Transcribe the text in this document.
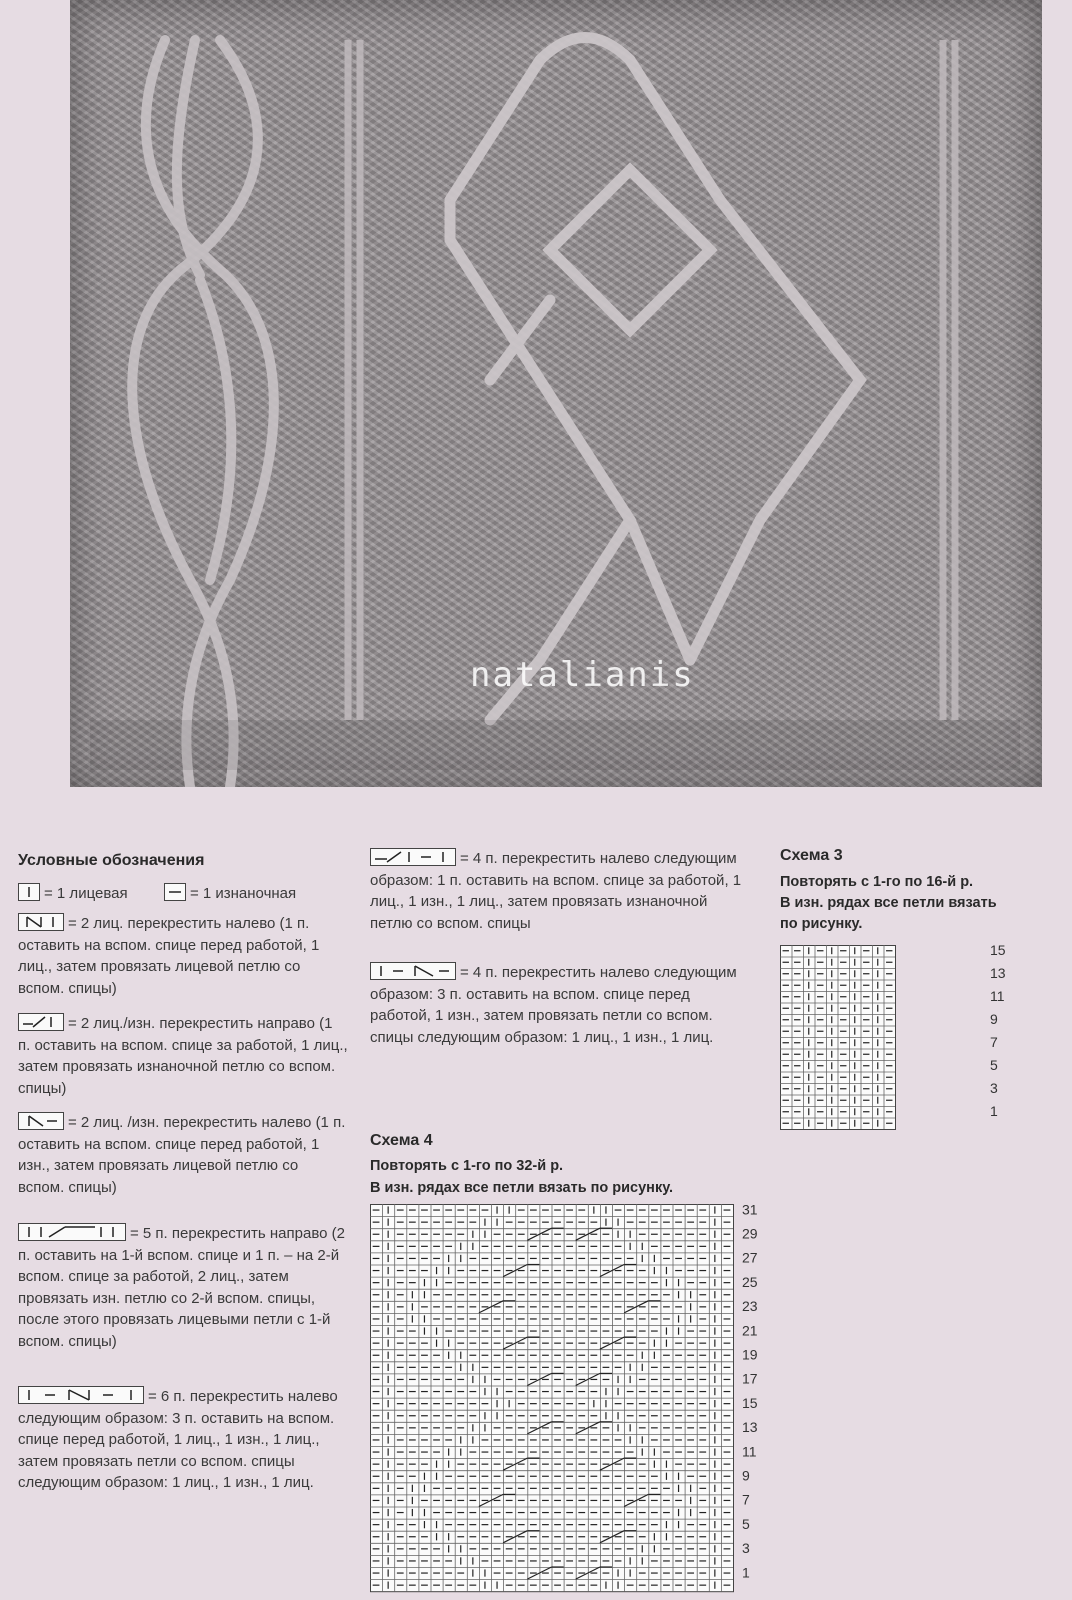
natalianis
Условные обозначения
= 1 лицевая	= 1 изнаночная
= 2 лиц. перекрестить налево (1 п. оставить на вспом. спице перед работой, 1 лиц., затем провязать лицевой петлю со вспом. спицы)
= 2 лиц./изн. перекрестить направо (1 п. оставить на вспом. спице за работой, 1 лиц., затем провязать изнаночной петлю со вспом. спицы)
= 2 лиц. /изн. перекрестить налево (1 п. оставить на вспом. спице перед работой, 1 изн., затем провязать лицевой петлю со вспом. спицы)
= 5 п. перекрестить направо (2 п. оставить на 1-й вспом. спице и 1 п. – на 2-й вспом. спице за работой, 2 лиц., затем провязать изн. петлю со 2-й вспом. спицы, после этого провязать лицевыми петли с 1-й вспом. спицы)
= 6 п. перекрестить налево следующим образом: 3 п. оставить на вспом. спице перед работой, 1 лиц., 1 изн., 1 лиц., затем провязать петли со вспом. спицы следующим образом: 1 лиц., 1 изн., 1 лиц.
= 4 п. перекрестить налево следующим образом: 1 п. оставить на вспом. спице за работой, 1 лиц., 1 изн., 1 лиц., затем провязать изнаночной петлю со вспом. спицы
= 4 п. перекрестить налево следующим образом: 3 п. оставить на вспом. спице перед работой, 1 изн., затем провязать петли со вспом. спицы следующим образом: 1 лиц., 1 изн., 1 лиц.
Схема 3
Повторять с 1-го по 16-й р.
В изн. рядах все петли вязать
по рисунку.
15
13
11
9
7
5
3
1
Схема 4
Повторять с 1-го по 32-й р.
В изн. рядах все петли вязать по рисунку.
31
29
27
25
23
21
19
17
15
13
11
9
7
5
3
1
